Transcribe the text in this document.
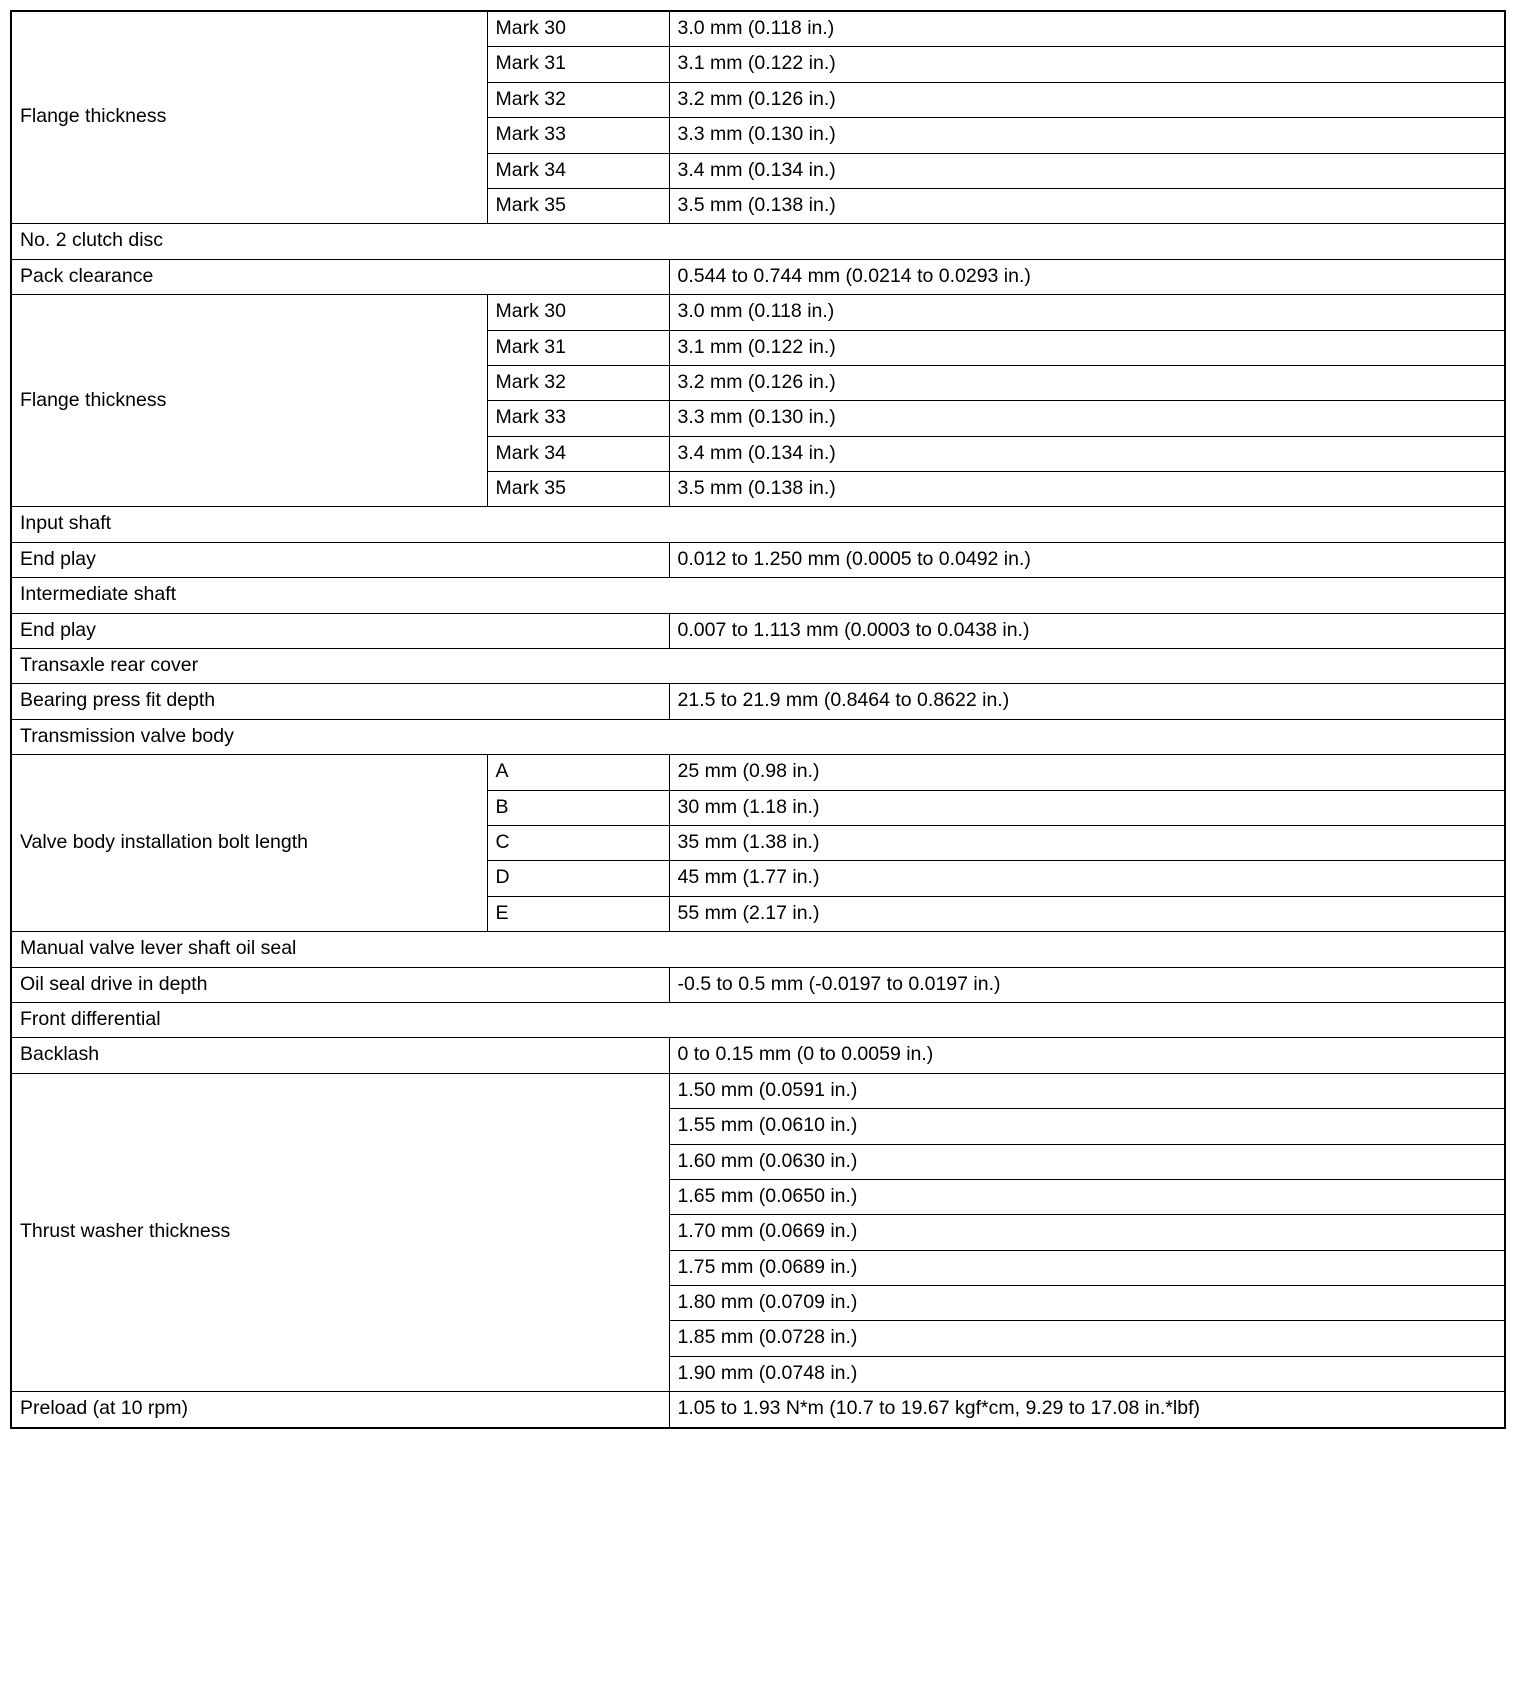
Flange thickness	Mark 30	3.0 mm (0.118 in.)
	Mark 31	3.1 mm (0.122 in.)
	Mark 32	3.2 mm (0.126 in.)
	Mark 33	3.3 mm (0.130 in.)
	Mark 34	3.4 mm (0.134 in.)
	Mark 35	3.5 mm (0.138 in.)
No. 2 clutch disc		
Pack clearance		0.544 to 0.744 mm (0.0214 to 0.0293 in.)
Flange thickness	Mark 30	3.0 mm (0.118 in.)
	Mark 31	3.1 mm (0.122 in.)
	Mark 32	3.2 mm (0.126 in.)
	Mark 33	3.3 mm (0.130 in.)
	Mark 34	3.4 mm (0.134 in.)
	Mark 35	3.5 mm (0.138 in.)
Input shaft		
End play		0.012 to 1.250 mm (0.0005 to 0.0492 in.)
Intermediate shaft		
End play		0.007 to 1.113 mm (0.0003 to 0.0438 in.)
Transaxle rear cover		
Bearing press fit depth		21.5 to 21.9 mm (0.8464 to 0.8622 in.)
Transmission valve body		
Valve body installation bolt length	A	25 mm (0.98 in.)
	B	30 mm (1.18 in.)
	C	35 mm (1.38 in.)
	D	45 mm (1.77 in.)
	E	55 mm (2.17 in.)
Manual valve lever shaft oil seal		
Oil seal drive in depth		-0.5 to 0.5 mm (-0.0197 to 0.0197 in.)
Front differential		
Backlash		0 to 0.15 mm (0 to 0.0059 in.)
Thrust washer thickness		1.50 mm (0.0591 in.)
		1.55 mm (0.0610 in.)
		1.60 mm (0.0630 in.)
		1.65 mm (0.0650 in.)
		1.70 mm (0.0669 in.)
		1.75 mm (0.0689 in.)
		1.80 mm (0.0709 in.)
		1.85 mm (0.0728 in.)
		1.90 mm (0.0748 in.)
Preload (at 10 rpm)		1.05 to 1.93 N*m (10.7 to 19.67 kgf*cm, 9.29 to 17.08 in.*lbf)
